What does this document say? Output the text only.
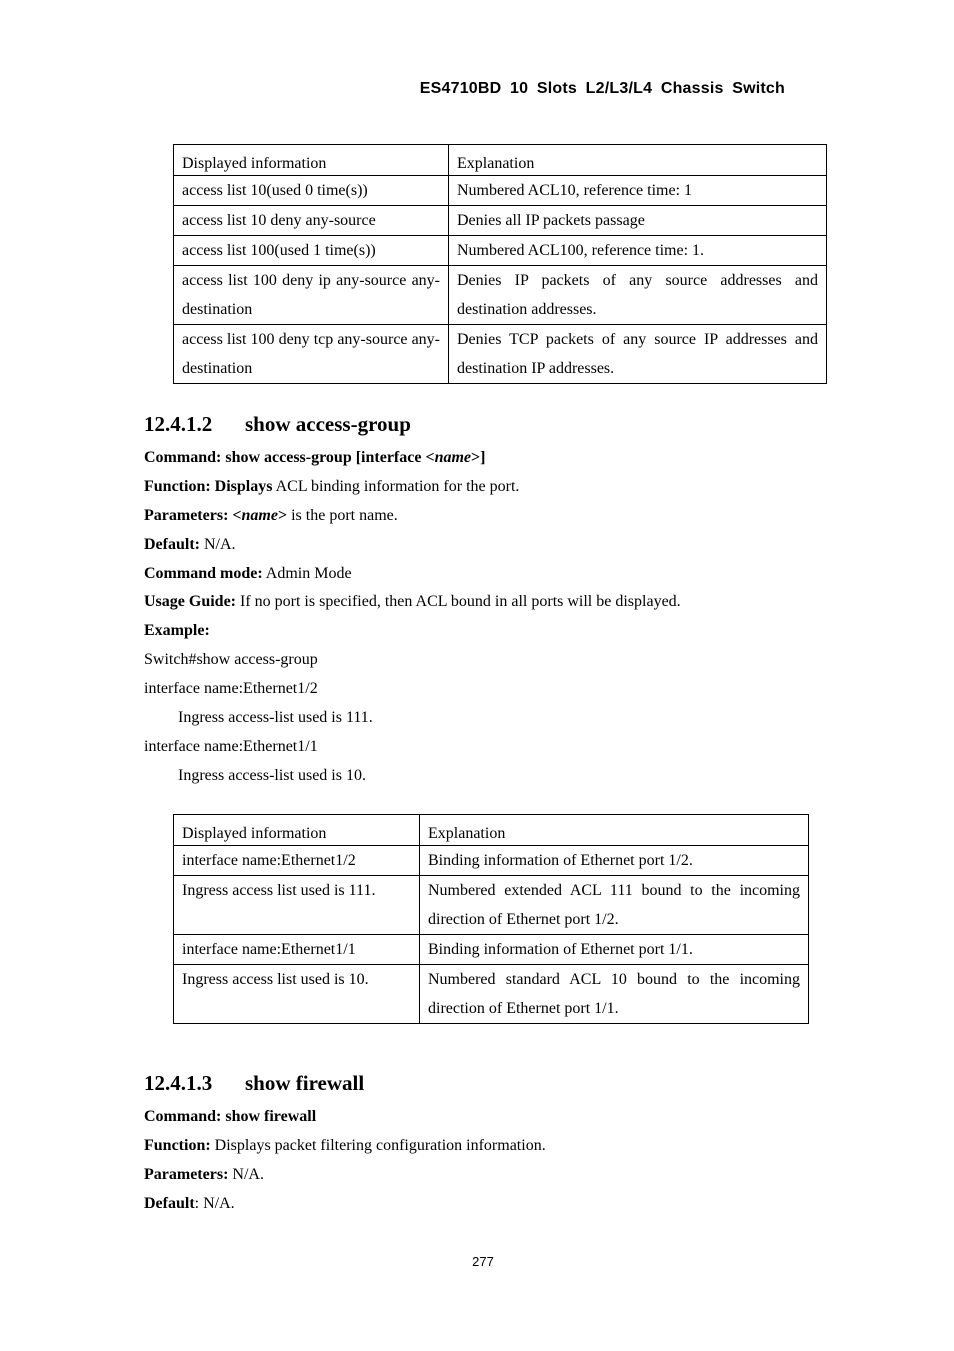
ES4710BD 10 Slots L2/L3/L4 Chassis Switch
Displayed information	Explanation
access list 10(used 0 time(s))	Numbered ACL10, reference time: 1
access list 10 deny any-source	Denies all IP packets passage
access list 100(used 1 time(s))	Numbered ACL100, reference time: 1.
access list 100 deny ip any-source any-destination	Denies IP packets of any source addresses and destination addresses.
access list 100 deny tcp any-source any-destination	Denies TCP packets of any source IP addresses and destination IP addresses.
12.4.1.2 show access-group
Command: show access-group [interface <name>]
Function: Displays ACL binding information for the port.
Parameters: <name> is the port name.
Default: N/A.
Command mode: Admin Mode
Usage Guide: If no port is specified, then ACL bound in all ports will be displayed.
Example:
Switch#show access-group
interface name:Ethernet1/2
Ingress access-list used is 111.
interface name:Ethernet1/1
Ingress access-list used is 10.
Displayed information	Explanation
interface name:Ethernet1/2	Binding information of Ethernet port 1/2.
Ingress access list used is 111.	Numbered extended ACL 111 bound to the incoming direction of Ethernet port 1/2.
interface name:Ethernet1/1	Binding information of Ethernet port 1/1.
Ingress access list used is 10.	Numbered standard ACL 10 bound to the incoming direction of Ethernet port 1/1.
12.4.1.3 show firewall
Command: show firewall
Function: Displays packet filtering configuration information.
Parameters: N/A.
Default: N/A.
277
